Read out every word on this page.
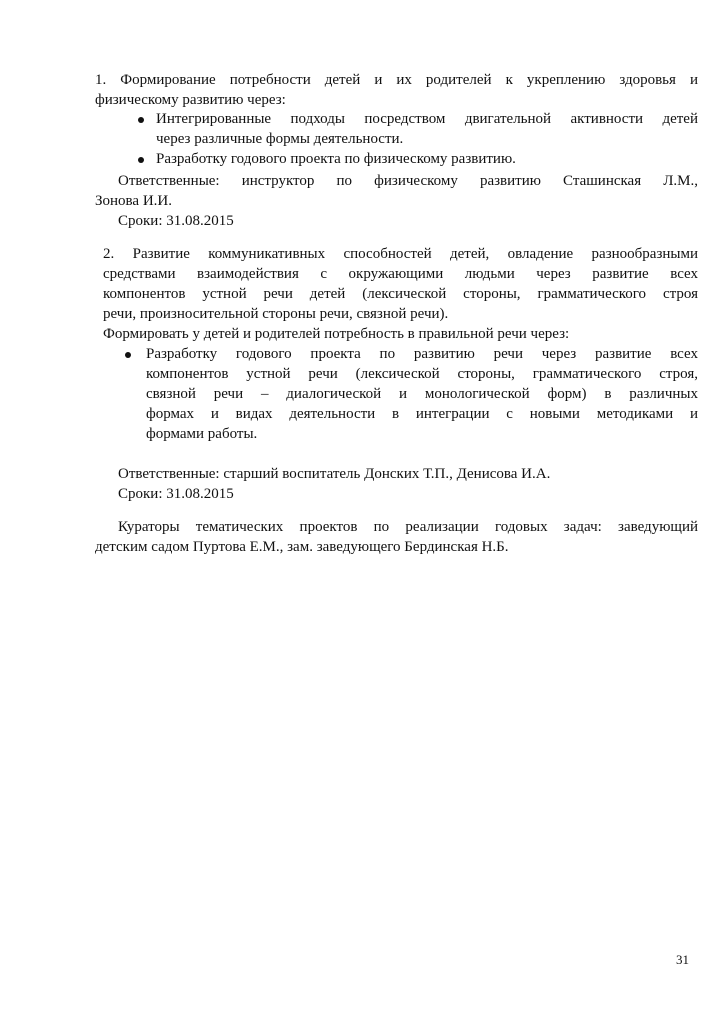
1. Формирование потребности детей и их родителей к укреплению здоровья и
физическому развитию через:
Интегрированные подходы посредством двигательной активности детей
через различные формы деятельности.
Разработку годового проекта по физическому развитию.
Ответственные: инструктор по физическому развитию Сташинская Л.М.,
Зонова И.И.
Сроки: 31.08.2015
2. Развитие коммуникативных способностей детей, овладение разнообразными
средствами взаимодействия с окружающими людьми через развитие всех
компонентов устной речи детей (лексической стороны, грамматического строя
речи, произносительной стороны речи, связной речи).
Формировать у детей и родителей потребность в правильной речи через:
Разработку годового проекта по развитию речи через развитие всех
компонентов устной речи (лексической стороны, грамматического строя,
связной речи – диалогической и монологической форм) в различных
формах и видах деятельности в интеграции с новыми методиками и
формами работы.
Ответственные: старший воспитатель Донских Т.П., Денисова И.А.
Сроки: 31.08.2015
Кураторы тематических проектов по реализации годовых задач: заведующий
детским садом Пуртова Е.М., зам. заведующего Бердинская Н.Б.
31
